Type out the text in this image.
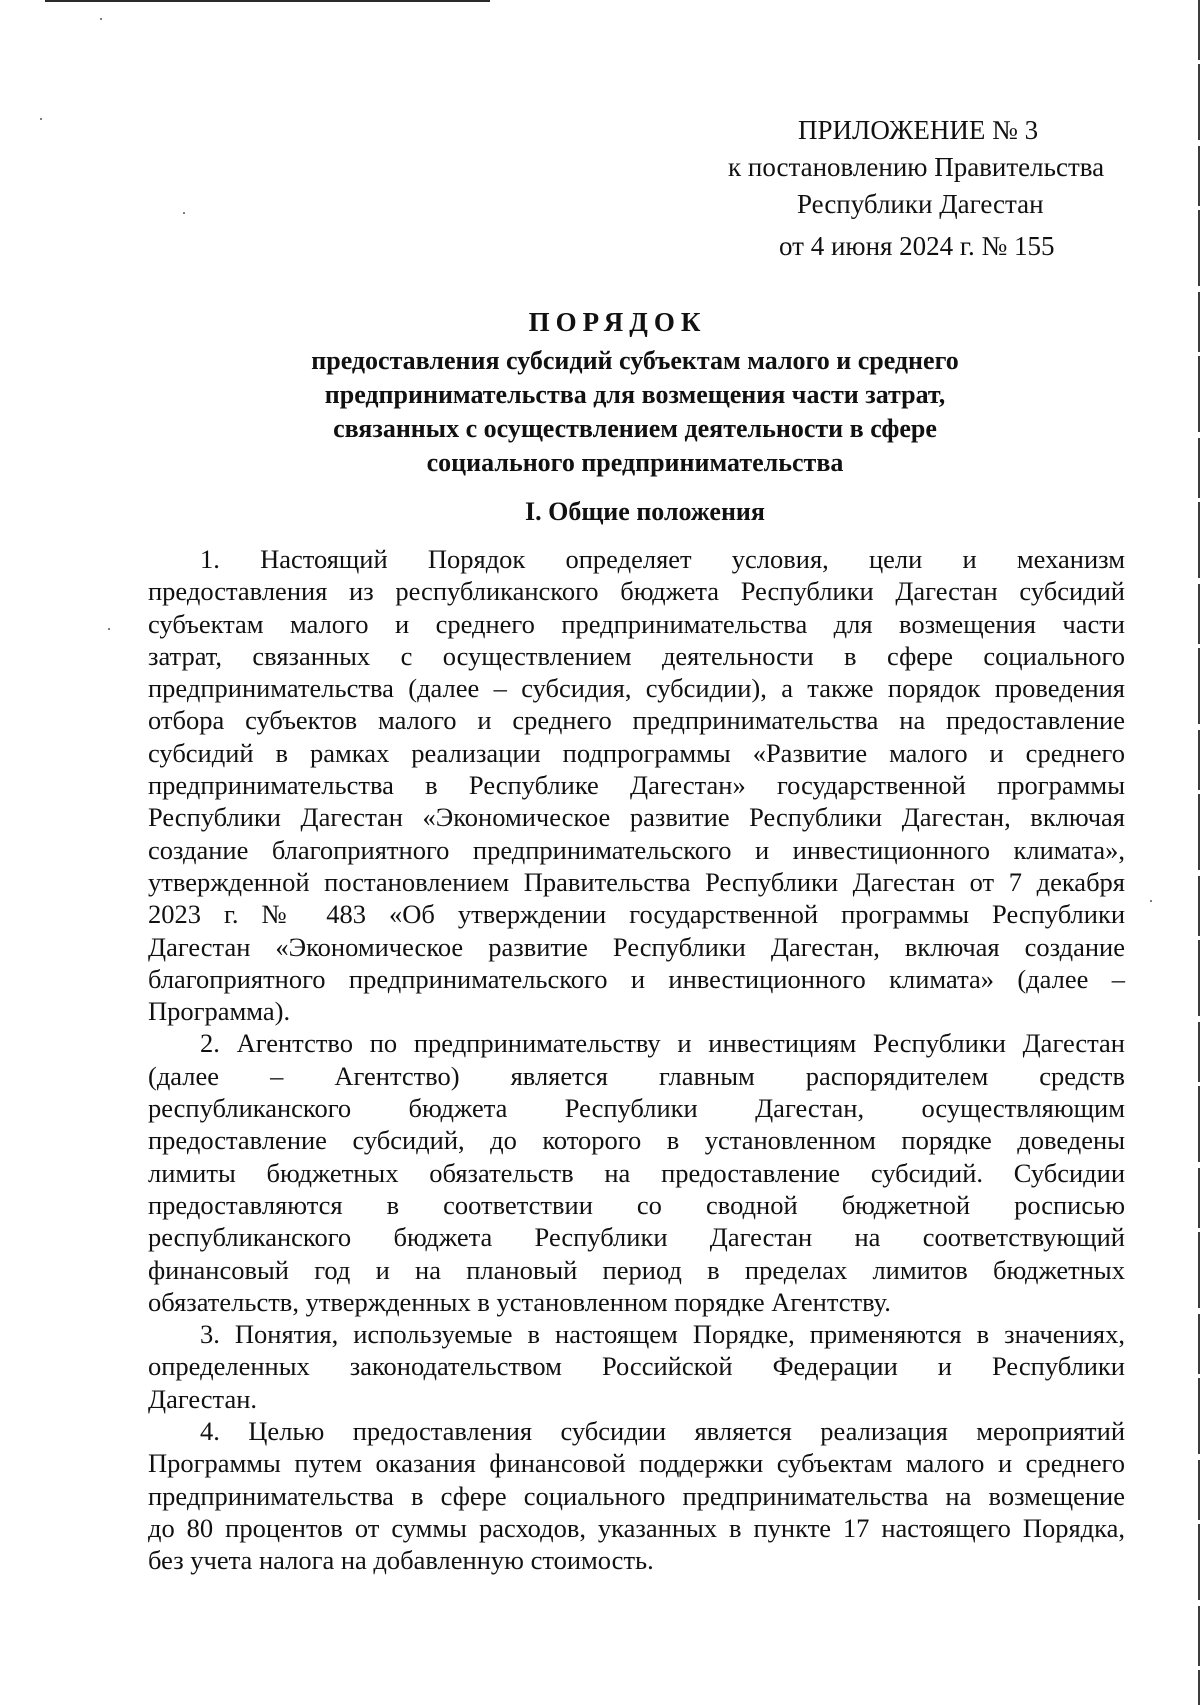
ПРИЛОЖЕНИЕ № 3
к постановлению Правительства
Республики Дагестан
от 4 июня 2024 г. № 155
ПОРЯДОК
предоставления субсидий субъектам малого и среднего
предпринимательства для возмещения части затрат,
связанных с осуществлением деятельности в сфере
социального предпринимательства
I. Общие положения
1. Настоящий Порядок определяет условия, цели и механизм
предоставления из республиканского бюджета Республики Дагестан субсидий
субъектам малого и среднего предпринимательства для возмещения части
затрат, связанных с осуществлением деятельности в сфере социального
предпринимательства (далее – субсидия, субсидии), а также порядок проведения
отбора субъектов малого и среднего предпринимательства на предоставление
субсидий в рамках реализации подпрограммы «Развитие малого и среднего
предпринимательства в Республике Дагестан» государственной программы
Республики Дагестан «Экономическое развитие Республики Дагестан, включая
создание благоприятного предпринимательского и инвестиционного климата»,
утвержденной постановлением Правительства Республики Дагестан от 7 декабря
2023 г. № 483 «Об утверждении государственной программы Республики
Дагестан «Экономическое развитие Республики Дагестан, включая создание
благоприятного предпринимательского и инвестиционного климата» (далее –
Программа).
2. Агентство по предпринимательству и инвестициям Республики Дагестан
(далее – Агентство) является главным распорядителем средств
республиканского бюджета Республики Дагестан, осуществляющим
предоставление субсидий, до которого в установленном порядке доведены
лимиты бюджетных обязательств на предоставление субсидий. Субсидии
предоставляются в соответствии со сводной бюджетной росписью
республиканского бюджета Республики Дагестан на соответствующий
финансовый год и на плановый период в пределах лимитов бюджетных
обязательств, утвержденных в установленном порядке Агентству.
3. Понятия, используемые в настоящем Порядке, применяются в значениях,
определенных законодательством Российской Федерации и Республики
Дагестан.
4. Целью предоставления субсидии является реализация мероприятий
Программы путем оказания финансовой поддержки субъектам малого и среднего
предпринимательства в сфере социального предпринимательства на возмещение
до 80 процентов от суммы расходов, указанных в пункте 17 настоящего Порядка,
без учета налога на добавленную стоимость.
